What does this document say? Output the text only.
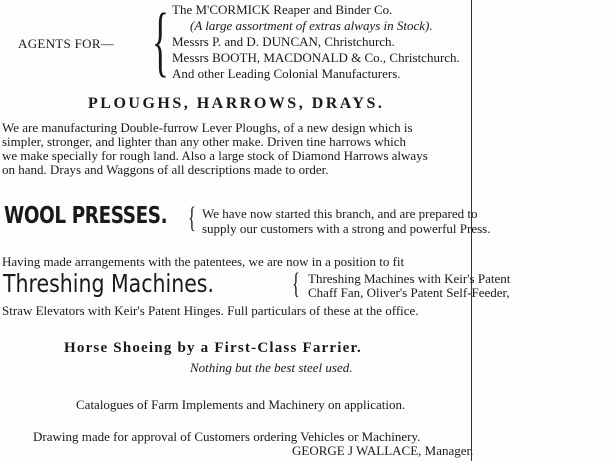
AGENTS FOR— { The M'CORMICK Reaper and Binder Co.
(A large assortment of extras always in Stock).
Messrs P. and D. DUNCAN, Christchurch.
Messrs BOOTH, MACDONALD & Co., Christchurch.
And other Leading Colonial Manufacturers.
PLOUGHS, HARROWS, DRAYS.
We are manufacturing Double-furrow Lever Ploughs, of a new design which is
simpler, stronger, and lighter than any other make. Driven tine harrows which
we make specially for rough land. Also a large stock of Diamond Harrows always
on hand. Drays and Waggons of all descriptions made to order.
WOOL PRESSES. { We have now started this branch, and are prepared to
supply our customers with a strong and powerful Press.
Having made arrangements with the patentees, we are now in a position to fit
Threshing Machines.	{ Threshing Machines with Keir's Patent
Chaff Fan, Oliver's Patent Self-Feeder,
Straw Elevators with Keir's Patent Hinges. Full particulars of these at the office.
Horse Shoeing by a First-Class Farrier.
Nothing but the best steel used.
Catalogues of Farm Implements and Machinery on application.
Drawing made for approval of Customers ordering Vehicles or Machinery.
GEORGE J WALLACE, Manager.
